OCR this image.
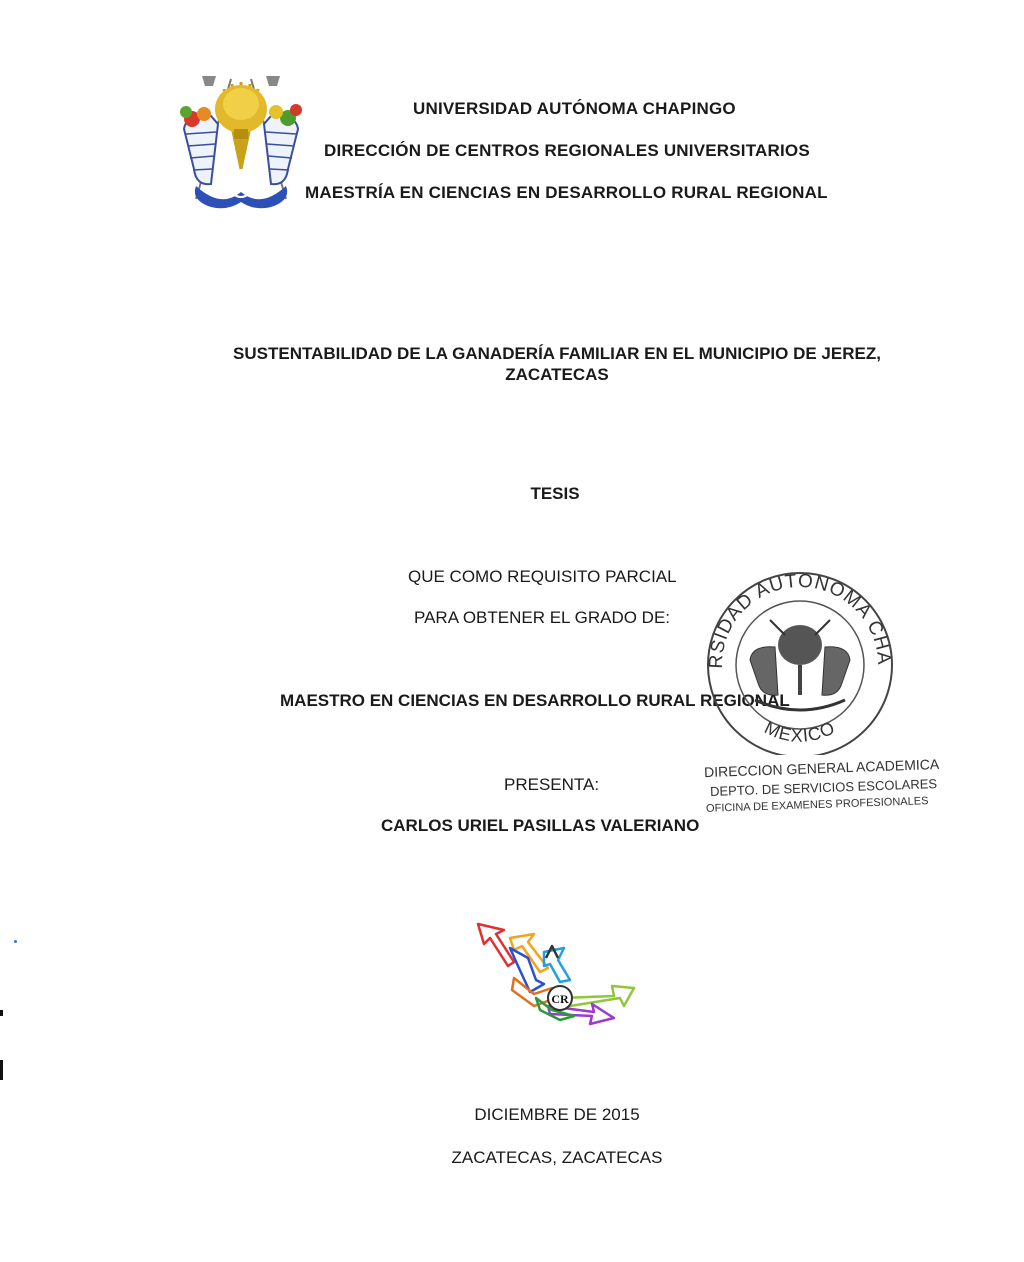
UNIVERSIDAD AUTÓNOMA CHAPINGO
DIRECCIÓN DE CENTROS REGIONALES UNIVERSITARIOS
MAESTRÍA EN CIENCIAS EN DESARROLLO RURAL REGIONAL
SUSTENTABILIDAD DE LA GANADERÍA FAMILIAR EN EL MUNICIPIO DE JEREZ,
ZACATECAS
TESIS
QUE COMO REQUISITO PARCIAL
PARA OBTENER EL GRADO DE:
MAESTRO EN CIENCIAS EN DESARROLLO RURAL REGIONAL
RSIDAD AUTONOMA CHA
MEXICO
DIRECCION GENERAL ACADEMICA
DEPTO. DE SERVICIOS ESCOLARES
OFICINA DE EXAMENES PROFESIONALES
PRESENTA:
CARLOS URIEL PASILLAS VALERIANO
CR
DICIEMBRE DE 2015
ZACATECAS, ZACATECAS
